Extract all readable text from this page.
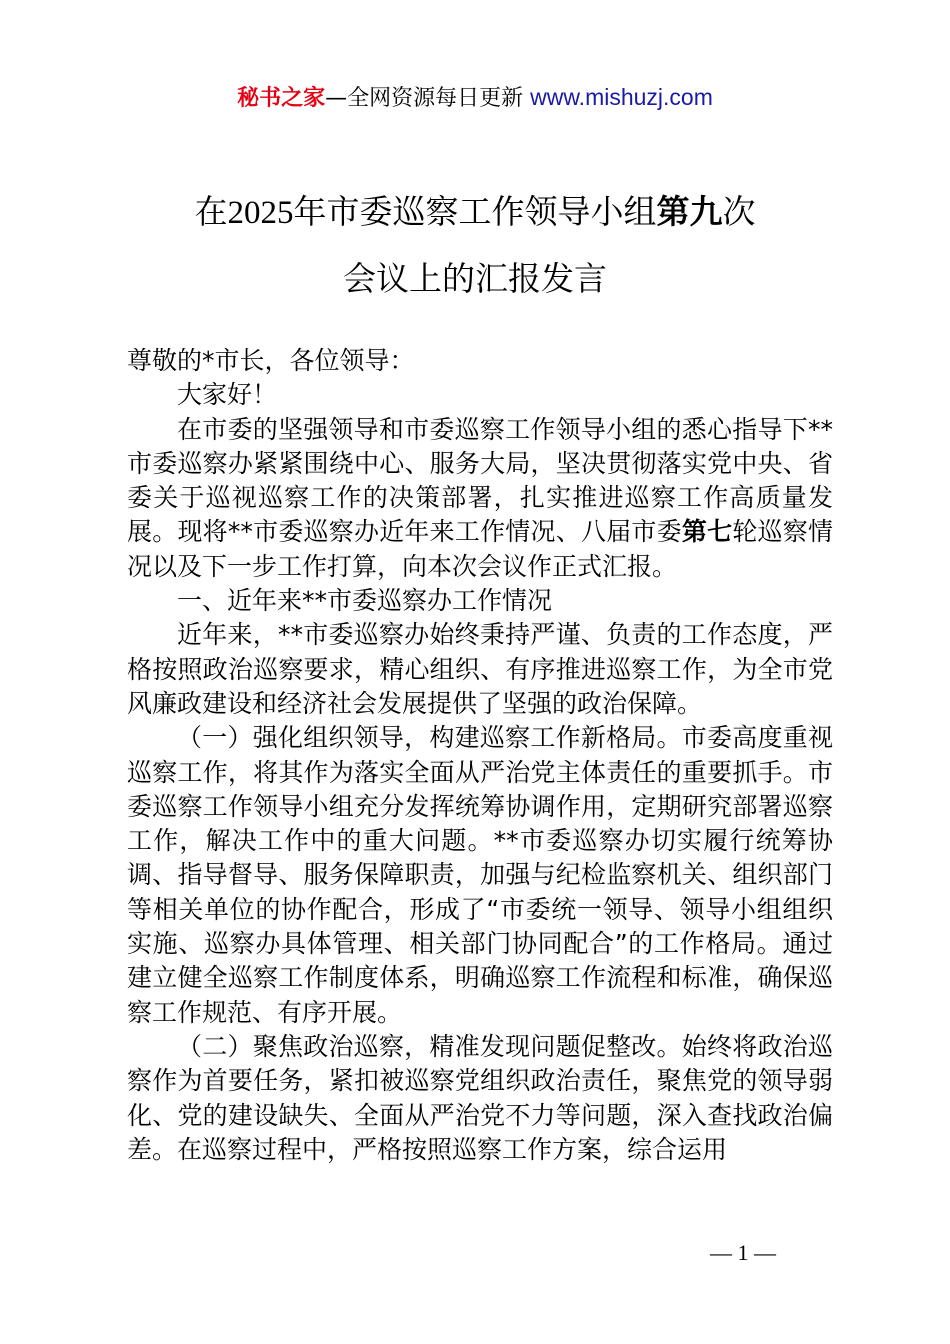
秘书之家—全网资源每日更新 www.mishuzj.com
在2025年市委巡察工作领导小组第九次
会议上的汇报发言

尊敬的*市长，各位领导：

大家好！

在市委的坚强领导和市委巡察工作领导小组的悉心指导下**市委巡察办紧紧围绕中心、服务大局，坚决贯彻落实党中央、省委关于巡视巡察工作的决策部署，扎实推进巡察工作高质量发展。现将**市委巡察办近年来工作情况、八届市委第七轮巡察情况以及下一步工作打算，向本次会议作正式汇报。

一、近年来**市委巡察办工作情况

近年来，**市委巡察办始终秉持严谨、负责的工作态度，严格按照政治巡察要求，精心组织、有序推进巡察工作，为全市党风廉政建设和经济社会发展提供了坚强的政治保障。

（一）强化组织领导，构建巡察工作新格局。市委高度重视巡察工作，将其作为落实全面从严治党主体责任的重要抓手。市委巡察工作领导小组充分发挥统筹协调作用，定期研究部署巡察工作，解决工作中的重大问题。**市委巡察办切实履行统筹协调、指导督导、服务保障职责，加强与纪检监察机关、组织部门等相关单位的协作配合，形成了“市委统一领导、领导小组组织实施、巡察办具体管理、相关部门协同配合”的工作格局。通过建立健全巡察工作制度体系，明确巡察工作流程和标准，确保巡察工作规范、有序开展。

（二）聚焦政治巡察，精准发现问题促整改。始终将政治巡察作为首要任务，紧扣被巡察党组织政治责任，聚焦党的领导弱化、党的建设缺失、全面从严治党不力等问题，深入查找政治偏差。在巡察过程中，严格按照巡察工作方案，综合运用

— 1 —
